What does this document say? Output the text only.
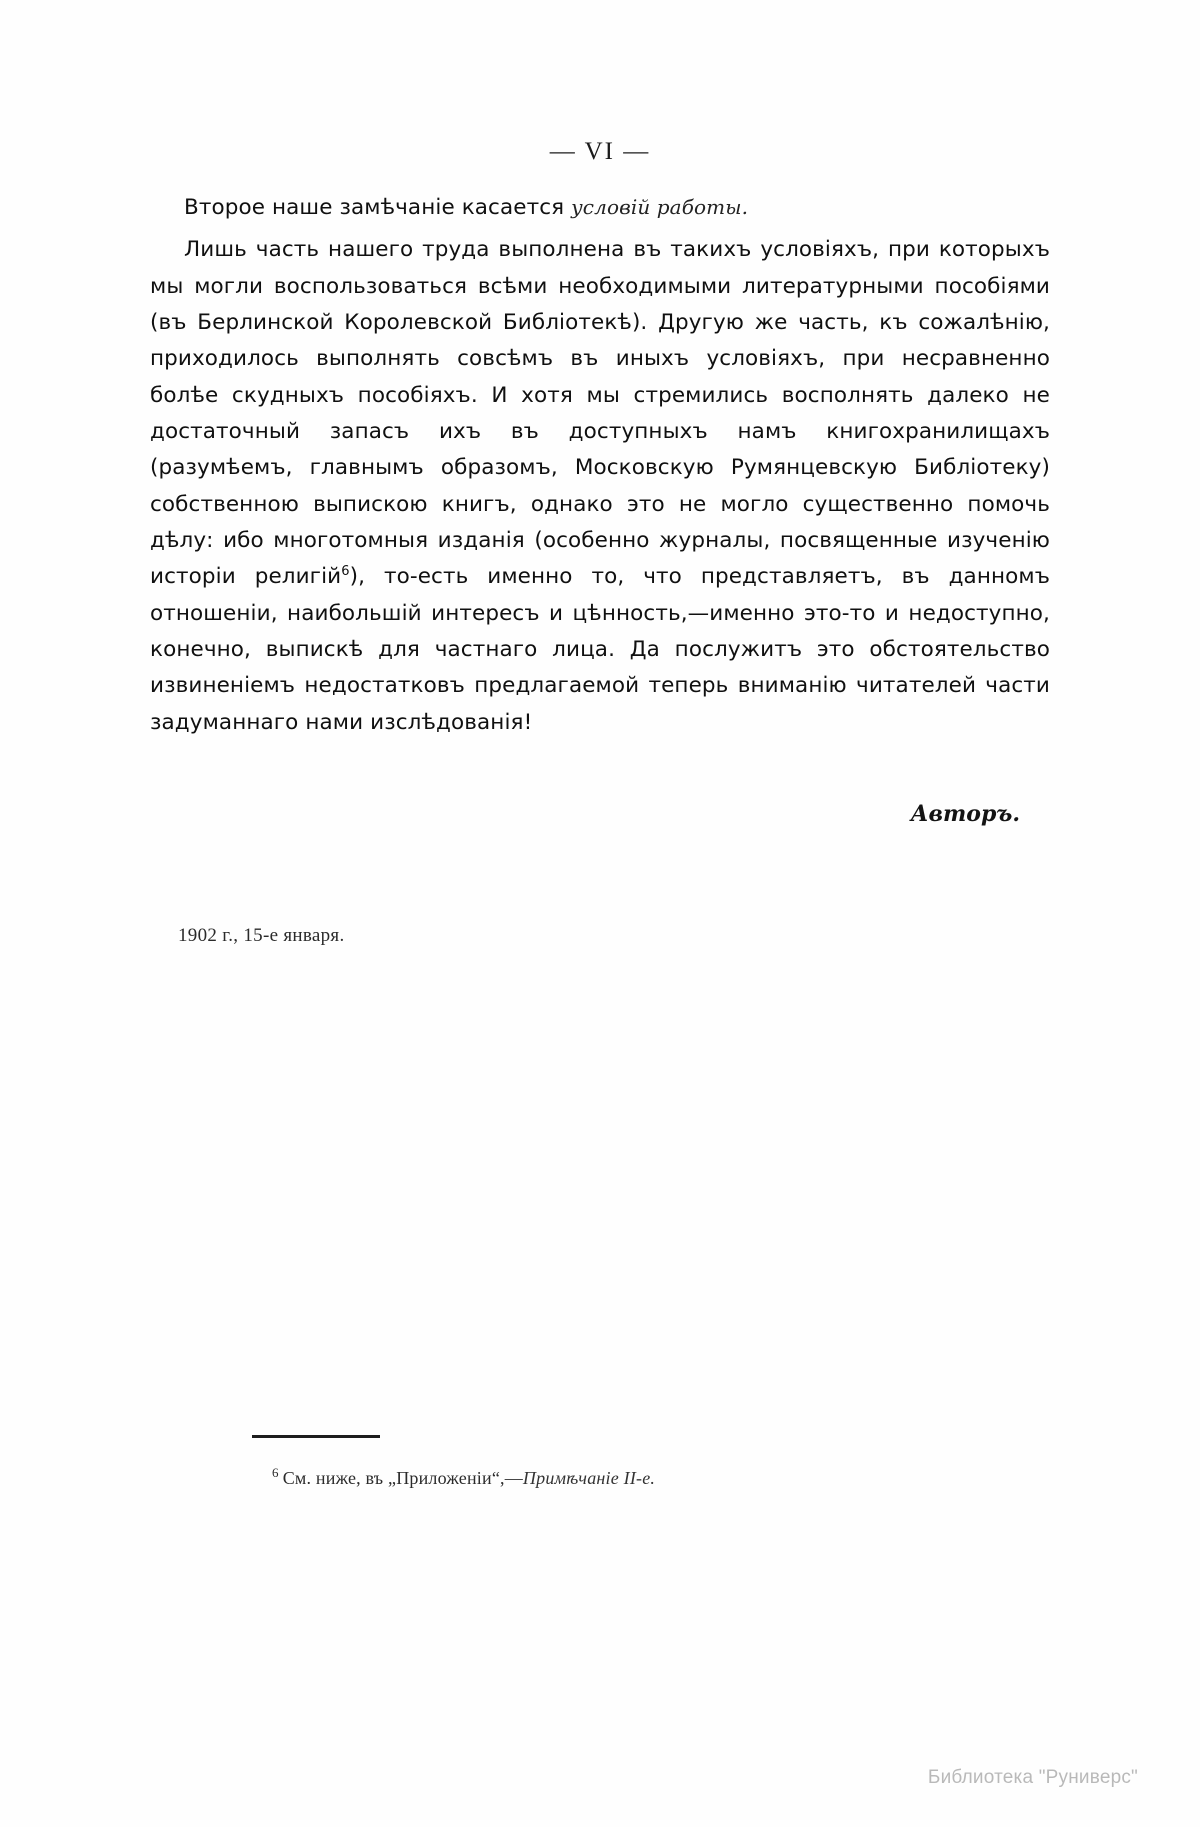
— VI —

Второе наше замѣчаніе касается условій работы.

Лишь часть нашего труда выполнена въ такихъ условіяхъ, при которыхъ мы могли воспользоваться всѣми необходимыми литературными пособіями (въ Берлинской Королевской Библіотекѣ). Другую же часть, къ сожалѣнію, приходилось выполнять совсѣмъ въ иныхъ условіяхъ, при несравненно болѣе скудныхъ пособіяхъ. И хотя мы стремились восполнять далеко не достаточный запасъ ихъ въ доступныхъ намъ книгохранилищахъ (разумѣемъ, главнымъ образомъ, Московскую Румянцевскую Библіотеку) собственною выпискою книгъ, однако это не могло существенно помочь дѣлу: ибо многотомныя изданія (особенно журналы, посвященные изученію исторіи религій$^6$), то-есть именно то, что представляетъ, въ данномъ отношеніи, наибольшій интересъ и цѣнность,—именно это-то и недоступно, конечно, выпискѣ для частнаго лица. Да послужитъ это обстоятельство извиненіемъ недостатковъ предлагаемой теперь вниманію читателей части задуманнаго нами изслѣдованія!

Авторъ.
1902 г., 15-е января.
$^6$ См. ниже, въ „Приложеніи“,—Примѣчаніе II-е.
Библиотека "Руниверс"
